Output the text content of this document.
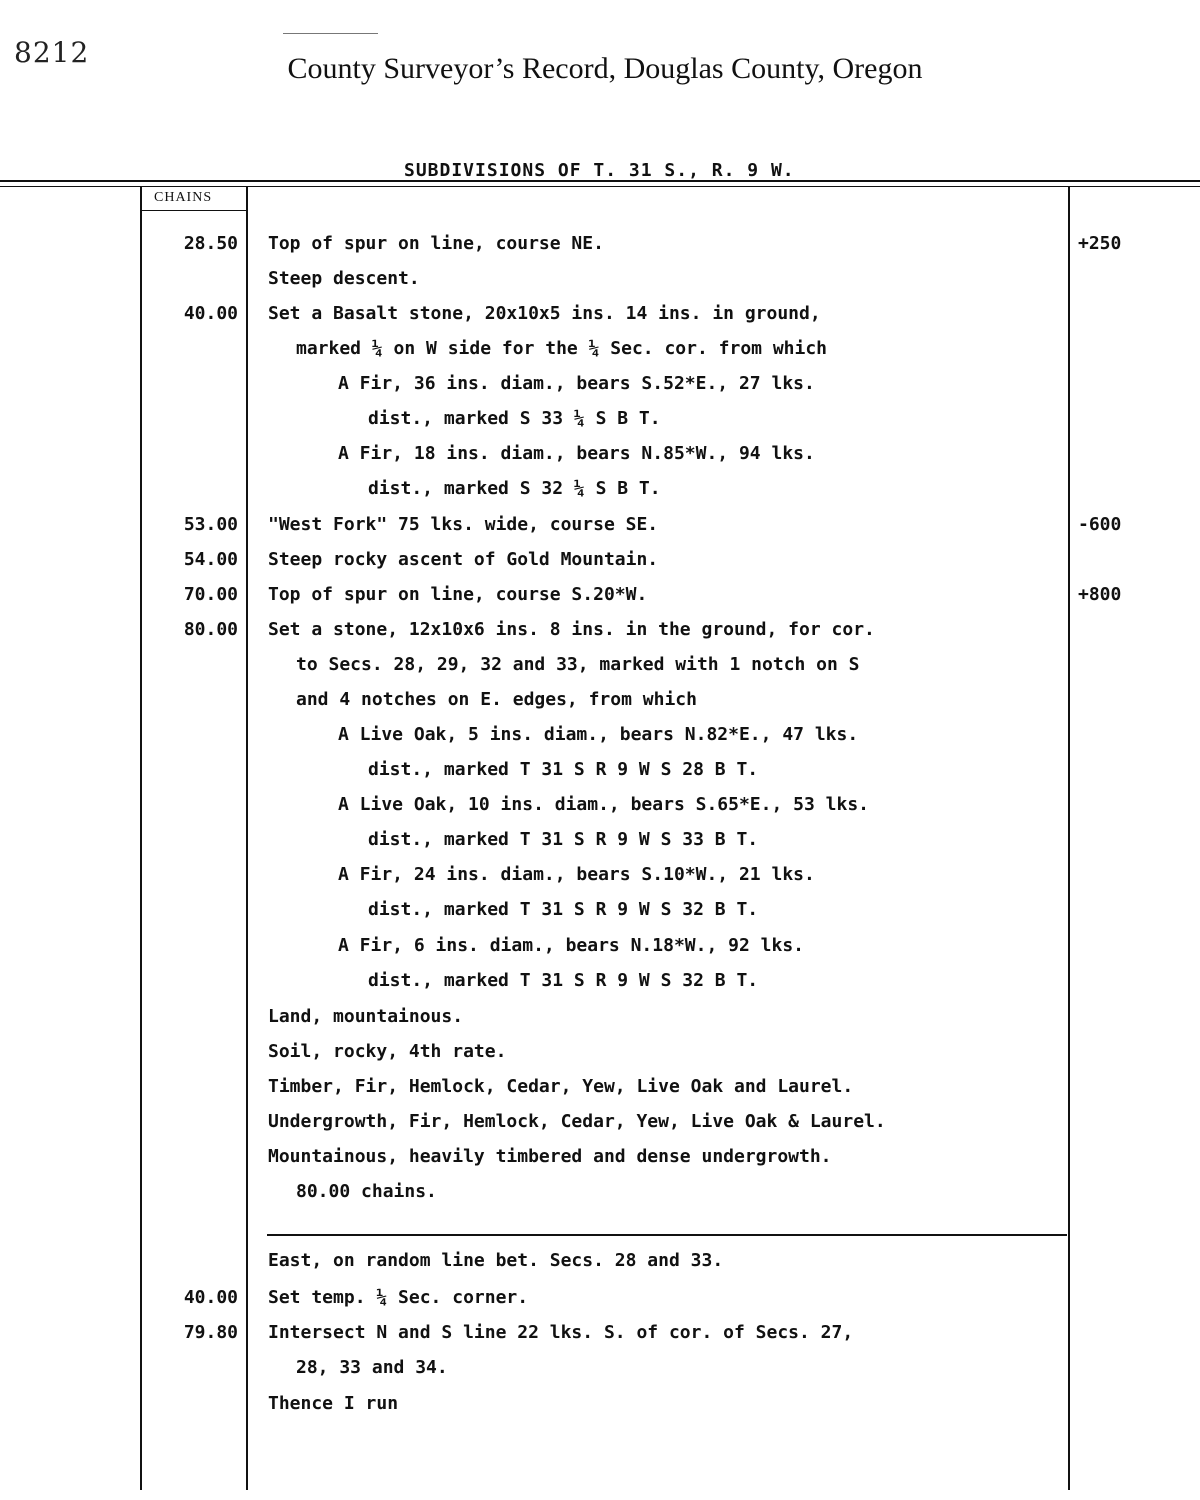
8212	County Surveyor’s Record, Douglas County, Oregon
SUBDIVISIONS OF T. 31 S., R. 9 W.
CHAINS
28.50 Top of spur on line, course NE.	+250
Steep descent.
40.00 Set a Basalt stone, 20x10x5 ins. 14 ins. in ground,
marked ¼ on W side for the ¼ Sec. cor. from which
A Fir, 36 ins. diam., bears S.52*E., 27 lks.
dist., marked S 33 ¼ S B T.
A Fir, 18 ins. diam., bears N.85*W., 94 lks.
dist., marked S 32 ¼ S B T.
53.00 "West Fork" 75 lks. wide, course SE.	-600
54.00 Steep rocky ascent of Gold Mountain.
70.00 Top of spur on line, course S.20*W.	+800
80.00 Set a stone, 12x10x6 ins. 8 ins. in the ground, for cor.
to Secs. 28, 29, 32 and 33, marked with 1 notch on S
and 4 notches on E. edges, from which
A Live Oak, 5 ins. diam., bears N.82*E., 47 lks.
dist., marked T 31 S R 9 W S 28 B T.
A Live Oak, 10 ins. diam., bears S.65*E., 53 lks.
dist., marked T 31 S R 9 W S 33 B T.
A Fir, 24 ins. diam., bears S.10*W., 21 lks.
dist., marked T 31 S R 9 W S 32 B T.
A Fir, 6 ins. diam., bears N.18*W., 92 lks.
dist., marked T 31 S R 9 W S 32 B T.
Land, mountainous.
Soil, rocky, 4th rate.
Timber, Fir, Hemlock, Cedar, Yew, Live Oak and Laurel.
Undergrowth, Fir, Hemlock, Cedar, Yew, Live Oak & Laurel.
Mountainous, heavily timbered and dense undergrowth.
80.00 chains.
East, on random line bet. Secs. 28 and 33.
40.00 Set temp. ¼ Sec. corner.
79.80 Intersect N and S line 22 lks. S. of cor. of Secs. 27,
28, 33 and 34.
Thence I run
